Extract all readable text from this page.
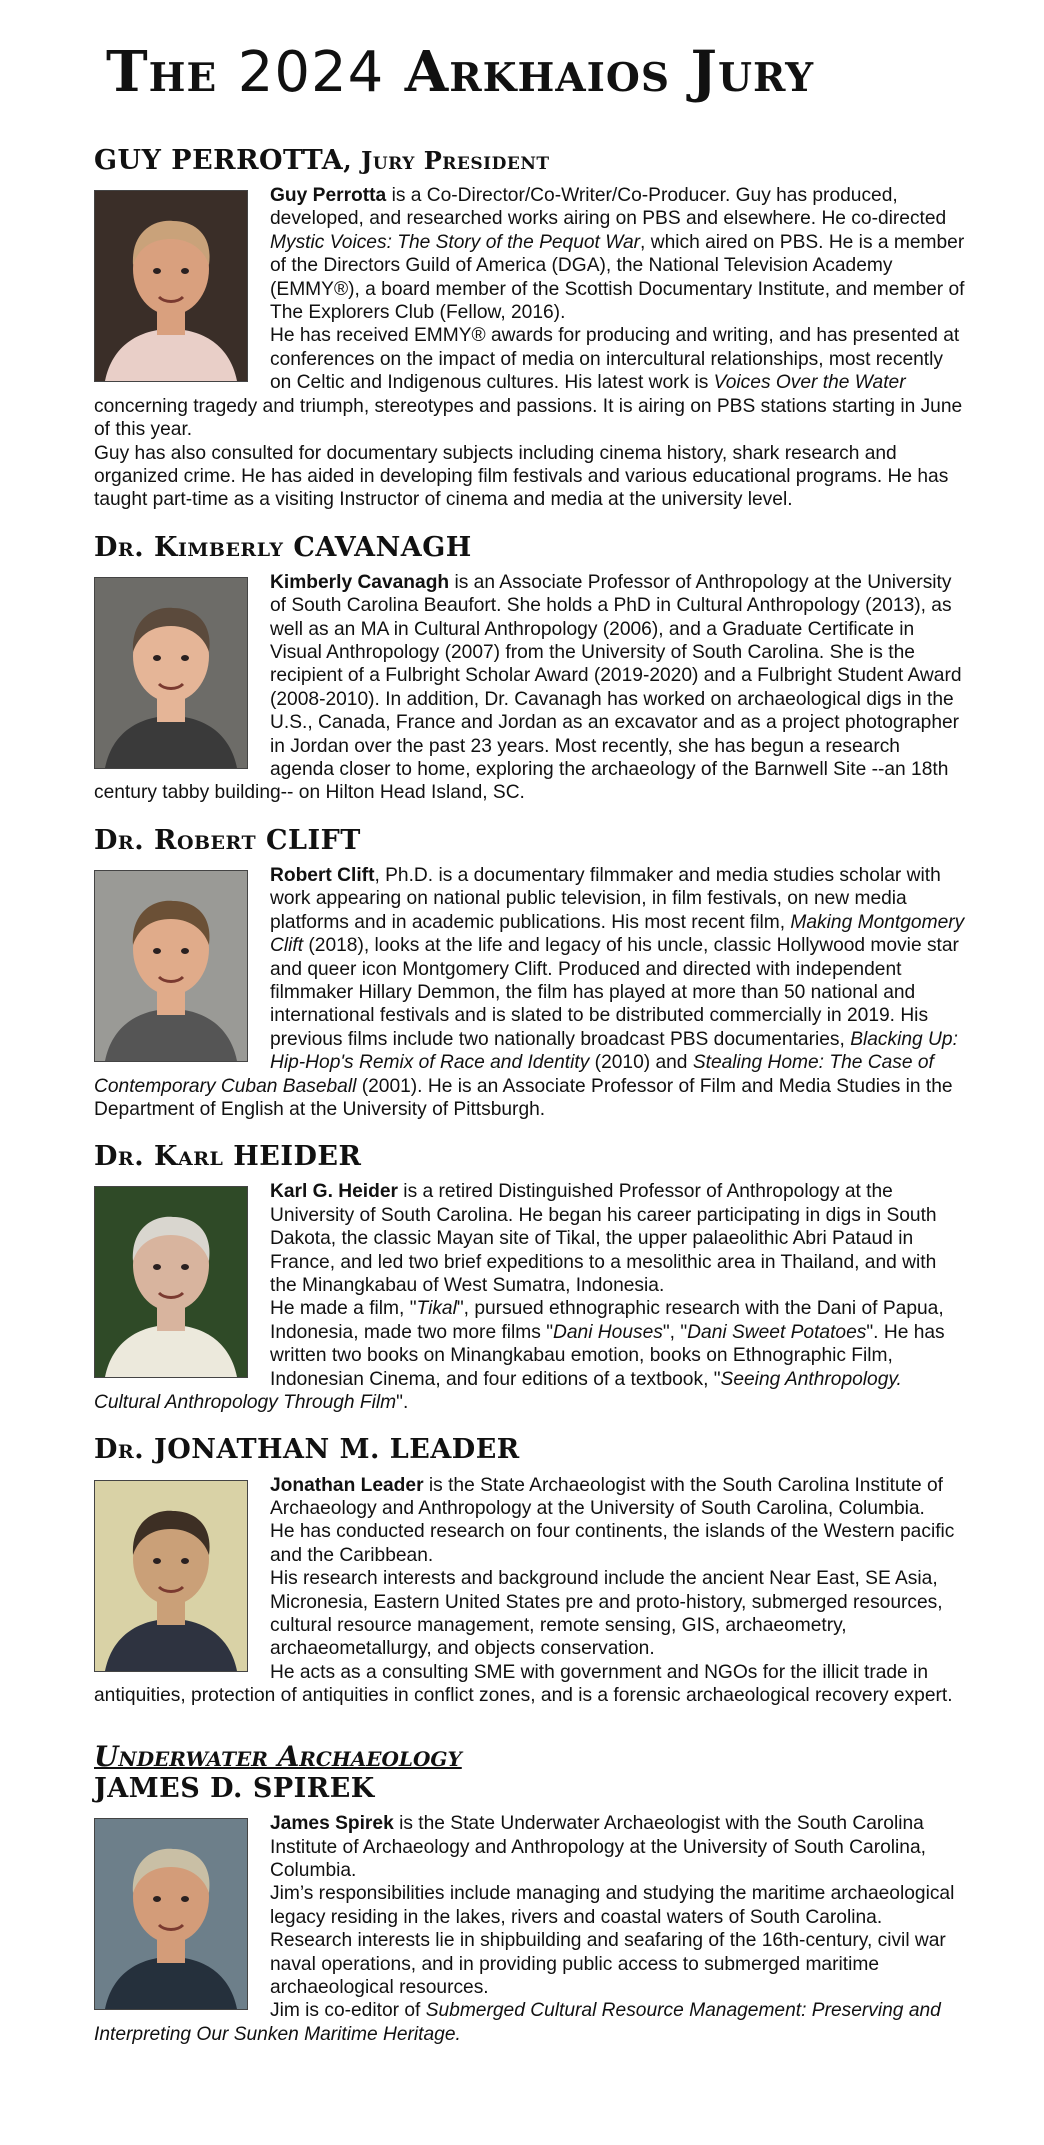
The 2024 Arkhaios Jury
GUY PERROTTA, Jury President

Guy Perrotta is a Co-Director/Co-Writer/Co-Producer. Guy has produced, developed, and researched works airing on PBS and elsewhere. He co-directed Mystic Voices: The Story of the Pequot War, which aired on PBS. He is a member of the Directors Guild of America (DGA), the National Television Academy (EMMY®), a board member of the Scottish Documentary Institute, and member of The Explorers Club (Fellow, 2016).

He has received EMMY® awards for producing and writing, and has presented at conferences on the impact of media on intercultural relationships, most recently on Celtic and Indigenous cultures. His latest work is Voices Over the Water concerning tragedy and triumph, stereotypes and passions. It is airing on PBS stations starting in June of this year.

Guy has also consulted for documentary subjects including cinema history, shark research and organized crime. He has aided in developing film festivals and various educational programs. He has taught part-time as a visiting Instructor of cinema and media at the university level.

Dr. Kimberly CAVANAGH

Kimberly Cavanagh is an Associate Professor of Anthropology at the University of South Carolina Beaufort. She holds a PhD in Cultural Anthropology (2013), as well as an MA in Cultural Anthropology (2006), and a Graduate Certificate in Visual Anthropology (2007) from the University of South Carolina. She is the recipient of a Fulbright Scholar Award (2019-2020) and a Fulbright Student Award (2008-2010). In addition, Dr. Cavanagh has worked on archaeological digs in the U.S., Canada, France and Jordan as an excavator and as a project photographer in Jordan over the past 23 years. Most recently, she has begun a research agenda closer to home, exploring the archaeology of the Barnwell Site --an 18th century tabby building-- on Hilton Head Island, SC.

Dr. Robert CLIFT

Robert Clift, Ph.D. is a documentary filmmaker and media studies scholar with work appearing on national public television, in film festivals, on new media platforms and in academic publications. His most recent film, Making Montgomery Clift (2018), looks at the life and legacy of his uncle, classic Hollywood movie star and queer icon Montgomery Clift. Produced and directed with independent filmmaker Hillary Demmon, the film has played at more than 50 national and international festivals and is slated to be distributed commercially in 2019. His previous films include two nationally broadcast PBS documentaries, Blacking Up: Hip-Hop's Remix of Race and Identity (2010) and Stealing Home: The Case of Contemporary Cuban Baseball (2001). He is an Associate Professor of Film and Media Studies in the Department of English at the University of Pittsburgh.

Dr. Karl HEIDER

Karl G. Heider is a retired Distinguished Professor of Anthropology at the University of South Carolina. He began his career participating in digs in South Dakota, the classic Mayan site of Tikal, the upper palaeolithic Abri Pataud in France, and led two brief expeditions to a mesolithic area in Thailand, and with the Minangkabau of West Sumatra, Indonesia.

He made a film, "Tikal", pursued ethnographic research with the Dani of Papua, Indonesia, made two more films "Dani Houses", "Dani Sweet Potatoes". He has written two books on Minangkabau emotion, books on Ethnographic Film, Indonesian Cinema, and four editions of a textbook, "Seeing Anthropology. Cultural Anthropology Through Film".

Dr. JONATHAN M. LEADER

Jonathan Leader is the State Archaeologist with the South Carolina Institute of Archaeology and Anthropology at the University of South Carolina, Columbia.

He has conducted research on four continents, the islands of the Western pacific and the Caribbean.

His research interests and background include the ancient Near East, SE Asia, Micronesia, Eastern United States pre and proto-history, submerged resources, cultural resource management, remote sensing, GIS, archaeometry, archaeometallurgy, and objects conservation.

He acts as a consulting SME with government and NGOs for the illicit trade in antiquities, protection of antiquities in conflict zones, and is a forensic archaeological recovery expert.

Underwater Archaeology
JAMES D. SPIREK

James Spirek is the State Underwater Archaeologist with the South Carolina Institute of Archaeology and Anthropology at the University of South Carolina, Columbia.

Jim’s responsibilities include managing and studying the maritime archaeological legacy residing in the lakes, rivers and coastal waters of South Carolina.

Research interests lie in shipbuilding and seafaring of the 16th-century, civil war naval operations, and in providing public access to submerged maritime archaeological resources.

Jim is co-editor of Submerged Cultural Resource Management: Preserving and Interpreting Our Sunken Maritime Heritage.
